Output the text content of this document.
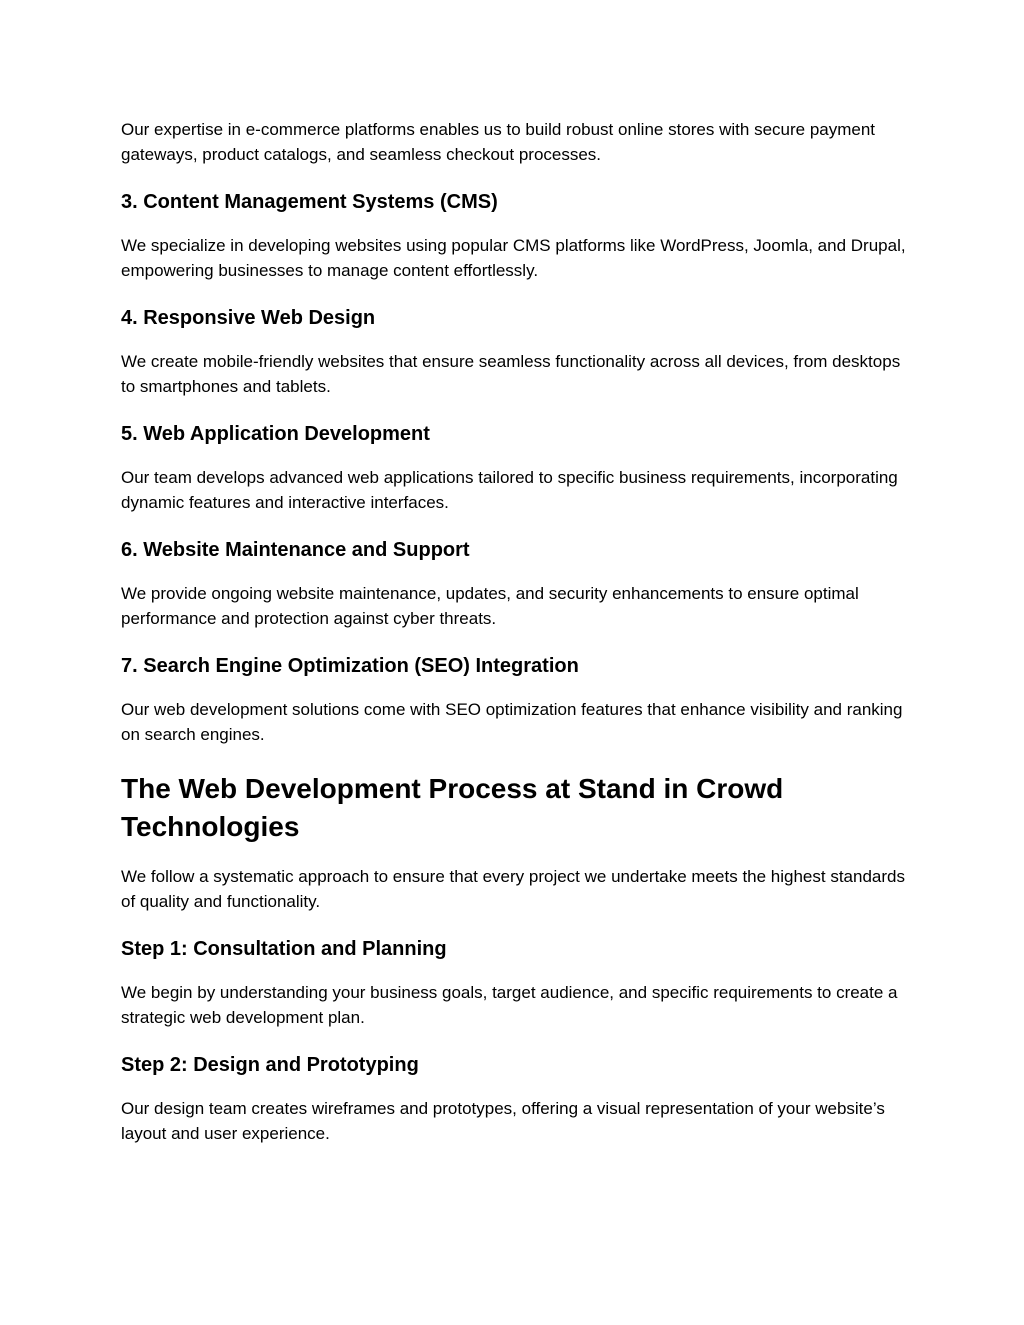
Our expertise in e-commerce platforms enables us to build robust online stores with secure payment gateways, product catalogs, and seamless checkout processes.

3. Content Management Systems (CMS)

We specialize in developing websites using popular CMS platforms like WordPress, Joomla, and Drupal, empowering businesses to manage content effortlessly.

4. Responsive Web Design

We create mobile-friendly websites that ensure seamless functionality across all devices, from desktops to smartphones and tablets.

5. Web Application Development

Our team develops advanced web applications tailored to specific business requirements, incorporating dynamic features and interactive interfaces.

6. Website Maintenance and Support

We provide ongoing website maintenance, updates, and security enhancements to ensure optimal performance and protection against cyber threats.

7. Search Engine Optimization (SEO) Integration

Our web development solutions come with SEO optimization features that enhance visibility and ranking on search engines.

The Web Development Process at Stand in Crowd Technologies

We follow a systematic approach to ensure that every project we undertake meets the highest standards of quality and functionality.

Step 1: Consultation and Planning

We begin by understanding your business goals, target audience, and specific requirements to create a strategic web development plan.

Step 2: Design and Prototyping

Our design team creates wireframes and prototypes, offering a visual representation of your website’s layout and user experience.
